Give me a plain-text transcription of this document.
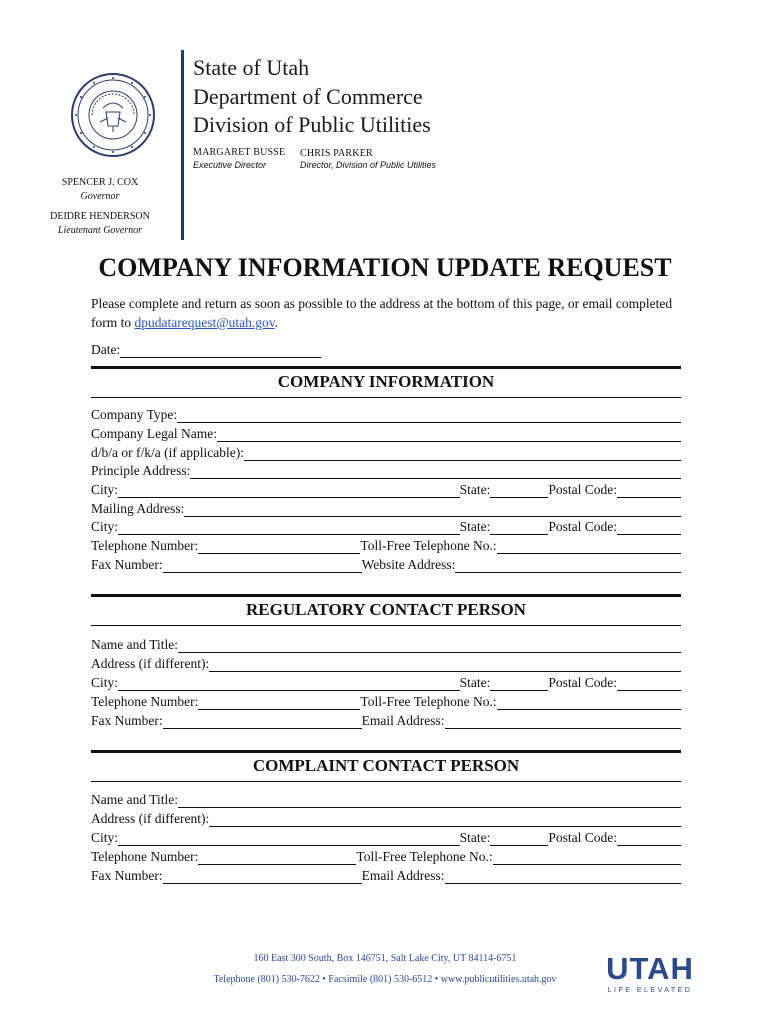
State of Utah
Department of Commerce
Division of Public Utilities
MARGARET BUSSE
Executive Director
CHRIS PARKER
Director, Division of Public Utilities
SPENCER J. COX
Governor
DEIDRE HENDERSON
Lieutenant Governor
COMPANY INFORMATION UPDATE REQUEST
Please complete and return as soon as possible to the address at the bottom of this page, or email completed form to dpudatarequest@utah.gov.
Date:
COMPANY INFORMATION
Company Type:
Company Legal Name:
d/b/a or f/k/a (if applicable):
Principle Address:
City:	State:	Postal Code:
Mailing Address:
City:	State:	Postal Code:
Telephone Number:	Toll-Free Telephone No.:
Fax Number:	Website Address:
REGULATORY CONTACT PERSON
Name and Title:
Address (if different):
City:	State:	Postal Code:
Telephone Number:	Toll-Free Telephone No.:
Fax Number:	Email Address:
COMPLAINT CONTACT PERSON
Name and Title:
Address (if different):
City:	State:	Postal Code:
Telephone Number:	Toll-Free Telephone No.:
Fax Number:	Email Address:
160 East 300 South, Box 146751, Salt Lake City, UT 84114-6751
Telephone (801) 530-7622 • Facsimile (801) 530-6512 • www.publicutilities.utah.gov	UTAH
LIFE ELEVATED
